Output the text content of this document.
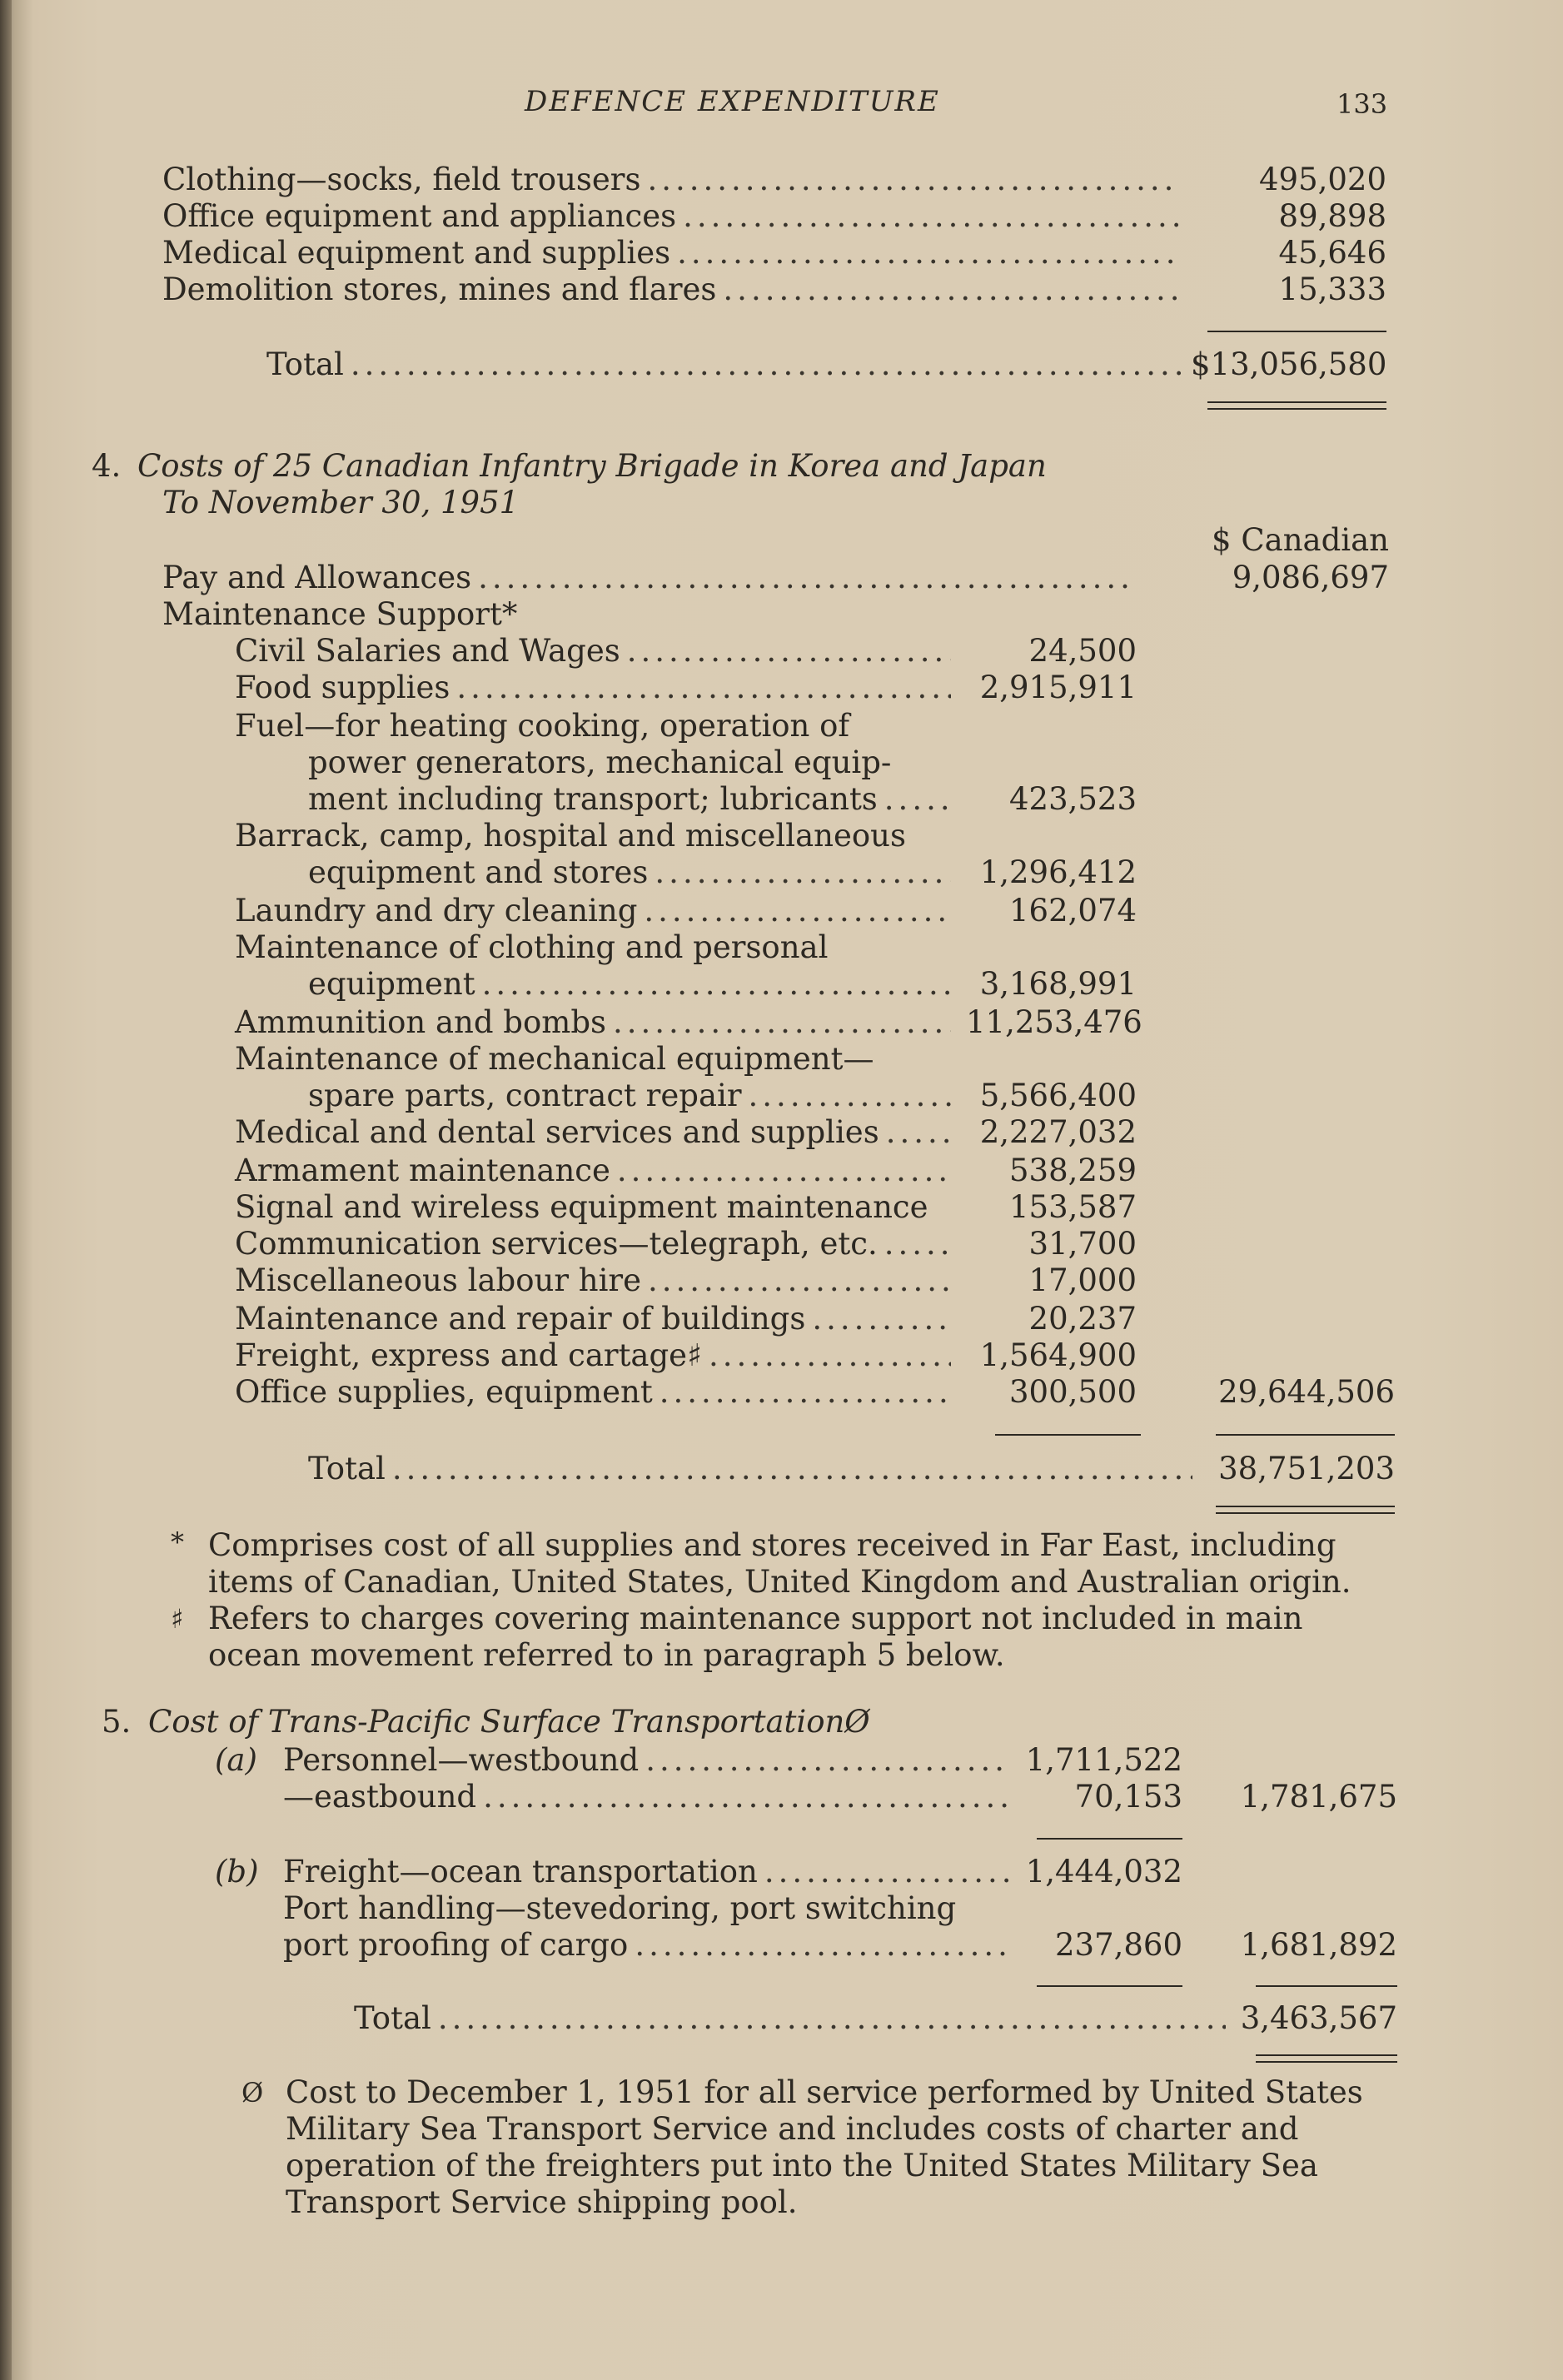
DEFENCE EXPENDITURE	133
Clothing—socks, field trousers .....	495,020
Office equipment and appliances .....	89,898
Medical equipment and supplies .....	45,646
Demolition stores, mines and flares .....	15,333
Total .....	$13,056,580
4. Costs of 25 Canadian Infantry Brigade in Korea and Japan
To November 30, 1951
$ Canadian
Pay and Allowances .....	9,086,697
Maintenance Support*
Civil Salaries and Wages .....	24,500
Food supplies .....	2,915,911
Fuel—for heating cooking, operation of
power generators, mechanical equip-
ment including transport; lubricants .....	423,523
Barrack, camp, hospital and miscellaneous
equipment and stores .....	1,296,412
Laundry and dry cleaning .....	162,074
Maintenance of clothing and personal
equipment .....	3,168,991
Ammunition and bombs .....	11,253,476
Maintenance of mechanical equipment—
spare parts, contract repair .....	5,566,400
Medical and dental services and supplies .....	2,227,032
Armament maintenance .....	538,259
Signal and wireless equipment maintenance	153,587
Communication services—telegraph, etc. .....	31,700
Miscellaneous labour hire .....	17,000
Maintenance and repair of buildings .....	20,237
Freight, express and cartage♯ .....	1,564,900
Office supplies, equipment .....	300,500	29,644,506
Total .....	38,751,203
* Comprises cost of all supplies and stores received in Far East, including
items of Canadian, United States, United Kingdom and Australian origin.
♯ Refers to charges covering maintenance support not included in main
ocean movement referred to in paragraph 5 below.
5. Cost of Trans-Pacific Surface TransportationØ
(a) Personnel—westbound .....	1,711,522
—eastbound .....	70,153	1,781,675
(b) Freight—ocean transportation .....	1,444,032
Port handling—stevedoring, port switching
port proofing of cargo .....	237,860	1,681,892
Total .....	3,463,567
Ø Cost to December 1, 1951 for all service performed by United States
Military Sea Transport Service and includes costs of charter and
operation of the freighters put into the United States Military Sea
Transport Service shipping pool.
